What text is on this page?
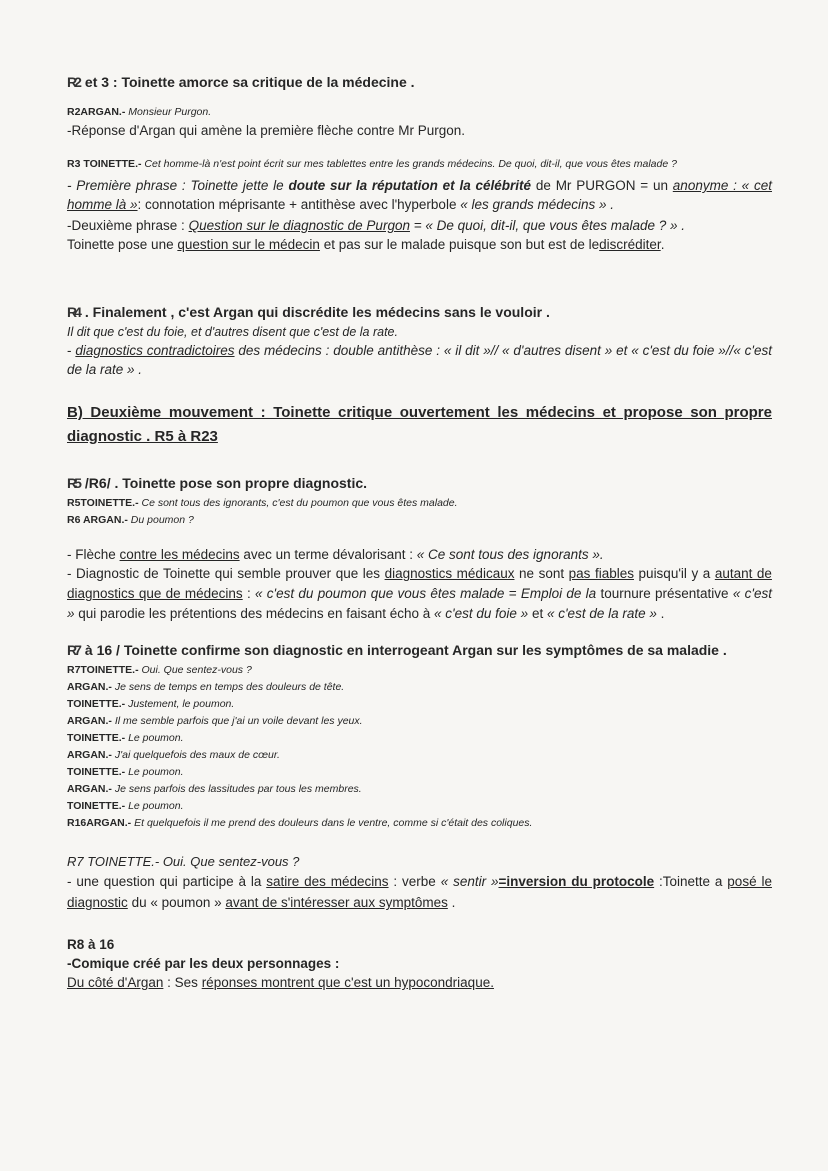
R2 et 3 : Toinette amorce sa critique de la médecine .
R2ARGAN.- Monsieur Purgon.
-Réponse d'Argan qui amène la première flèche contre Mr Purgon.
R3 TOINETTE.- Cet homme-là n'est point écrit sur mes tablettes entre les grands médecins. De quoi, dit-il, que vous êtes malade ?
- Première phrase : Toinette jette le doute sur la réputation et la célébrité de Mr PURGON = un anonyme : « cet homme là »: connotation méprisante + antithèse avec l'hyperbole « les grands médecins » .
-Deuxième phrase : Question sur le diagnostic de Purgon = « De quoi, dit-il, que vous êtes malade ? » .
Toinette pose une question sur le médecin et pas sur le malade puisque son but est de lediscréditer.
R4 . Finalement , c'est Argan qui discrédite les médecins sans le vouloir .
Il dit que c'est du foie, et d'autres disent que c'est de la rate.
- diagnostics contradictoires des médecins : double antithèse : « il dit »// « d'autres disent » et « c'est du foie »//« c'est de la rate » .
B) Deuxième mouvement : Toinette critique ouvertement les médecins et propose son propre diagnostic . R5 à R23
R5 /R6/ . Toinette pose son propre diagnostic.
R5TOINETTE.- Ce sont tous des ignorants, c'est du poumon que vous êtes malade.
R6 ARGAN.- Du poumon ?
- Flèche contre les médecins avec un terme dévalorisant : « Ce sont tous des ignorants ».
- Diagnostic de Toinette qui semble prouver que les diagnostics médicaux ne sont pas fiables puisqu'il y a autant de diagnostics que de médecins : « c'est du poumon que vous êtes malade = Emploi de la tournure présentative « c'est » qui parodie les prétentions des médecins en faisant écho à « c'est du foie » et « c'est de la rate » .
R7 à 16 / Toinette confirme son diagnostic en interrogeant Argan sur les symptômes de sa maladie .
R7TOINETTE.- Oui. Que sentez-vous ?
ARGAN.- Je sens de temps en temps des douleurs de tête.
TOINETTE.- Justement, le poumon.
ARGAN.- Il me semble parfois que j'ai un voile devant les yeux.
TOINETTE.- Le poumon.
ARGAN.- J'ai quelquefois des maux de cœur.
TOINETTE.- Le poumon.
ARGAN.- Je sens parfois des lassitudes par tous les membres.
TOINETTE.- Le poumon.
R16ARGAN.- Et quelquefois il me prend des douleurs dans le ventre, comme si c'était des coliques.
R7 TOINETTE.- Oui. Que sentez-vous ?
- une question qui participe à la satire des médecins : verbe « sentir »=inversion du protocole :Toinette a posé le diagnostic du « poumon » avant de s'intéresser aux symptômes .
R8 à 16
-Comique créé par les deux personnages :
Du côté d'Argan : Ses réponses montrent que c'est un hypocondriaque.
